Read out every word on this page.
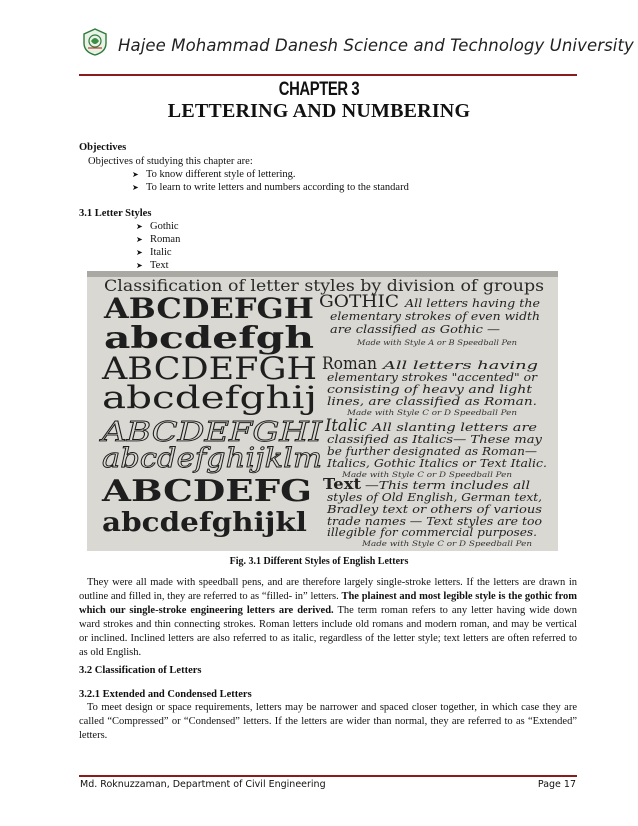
Hajee Mohammad Danesh Science and Technology University
CHAPTER 3
LETTERING AND NUMBERING
Objectives
Objectives of studying this chapter are:
➤ To know different style of lettering.
➤ To learn to write letters and numbers according to the standard
3.1 Letter Styles
➤ Gothic
➤ Roman
➤ Italic
➤ Text
Classification of letter styles by division of groups
ABCDEFGH
abcdefgh
GOTHIC All letters having the
elementary strokes of even width
are classified as Gothic —
Made with Style A or B Speedball Pen
ABCDEFGH
abcdefghij
Roman All letters having
elementary strokes "accented" or
consisting of heavy and light
lines, are classified as Roman.
Made with Style C or D Speedball Pen
ABCDEFGHI
abcdefghijklm
Italic All slanting letters are
classified as Italics— These may
be further designated as Roman—
Italics, Gothic Italics or Text Italic.
Made with Style C or D Speedball Pen
ABCDEFG
abcdefghijkl
Text —This term includes all
styles of Old English, German text,
Bradley text or others of various
trade names — Text styles are too
illegible for commercial purposes.
Made with Style C or D Speedball Pen
Fig. 3.1 Different Styles of English Letters
They were all made with speedball pens, and are therefore largely single-stroke letters. If the letters are drawn in outline and filled in, they are referred to as “filled- in” letters. The plainest and most legible style is the gothic from which our single-stroke engineering letters are derived. The term roman refers to any letter having wide down ward strokes and thin connecting strokes. Roman letters include old romans and modern roman, and may be vertical or inclined. Inclined letters are also referred to as italic, regardless of the letter style; text letters are often referred to as old English.
3.2 Classification of Letters
3.2.1 Extended and Condensed Letters
To meet design or space requirements, letters may be narrower and spaced closer together, in which case they are called “Compressed” or “Condensed” letters. If the letters are wider than normal, they are referred to as “Extended” letters.
Md. Roknuzzaman, Department of Civil Engineering	Page 17
